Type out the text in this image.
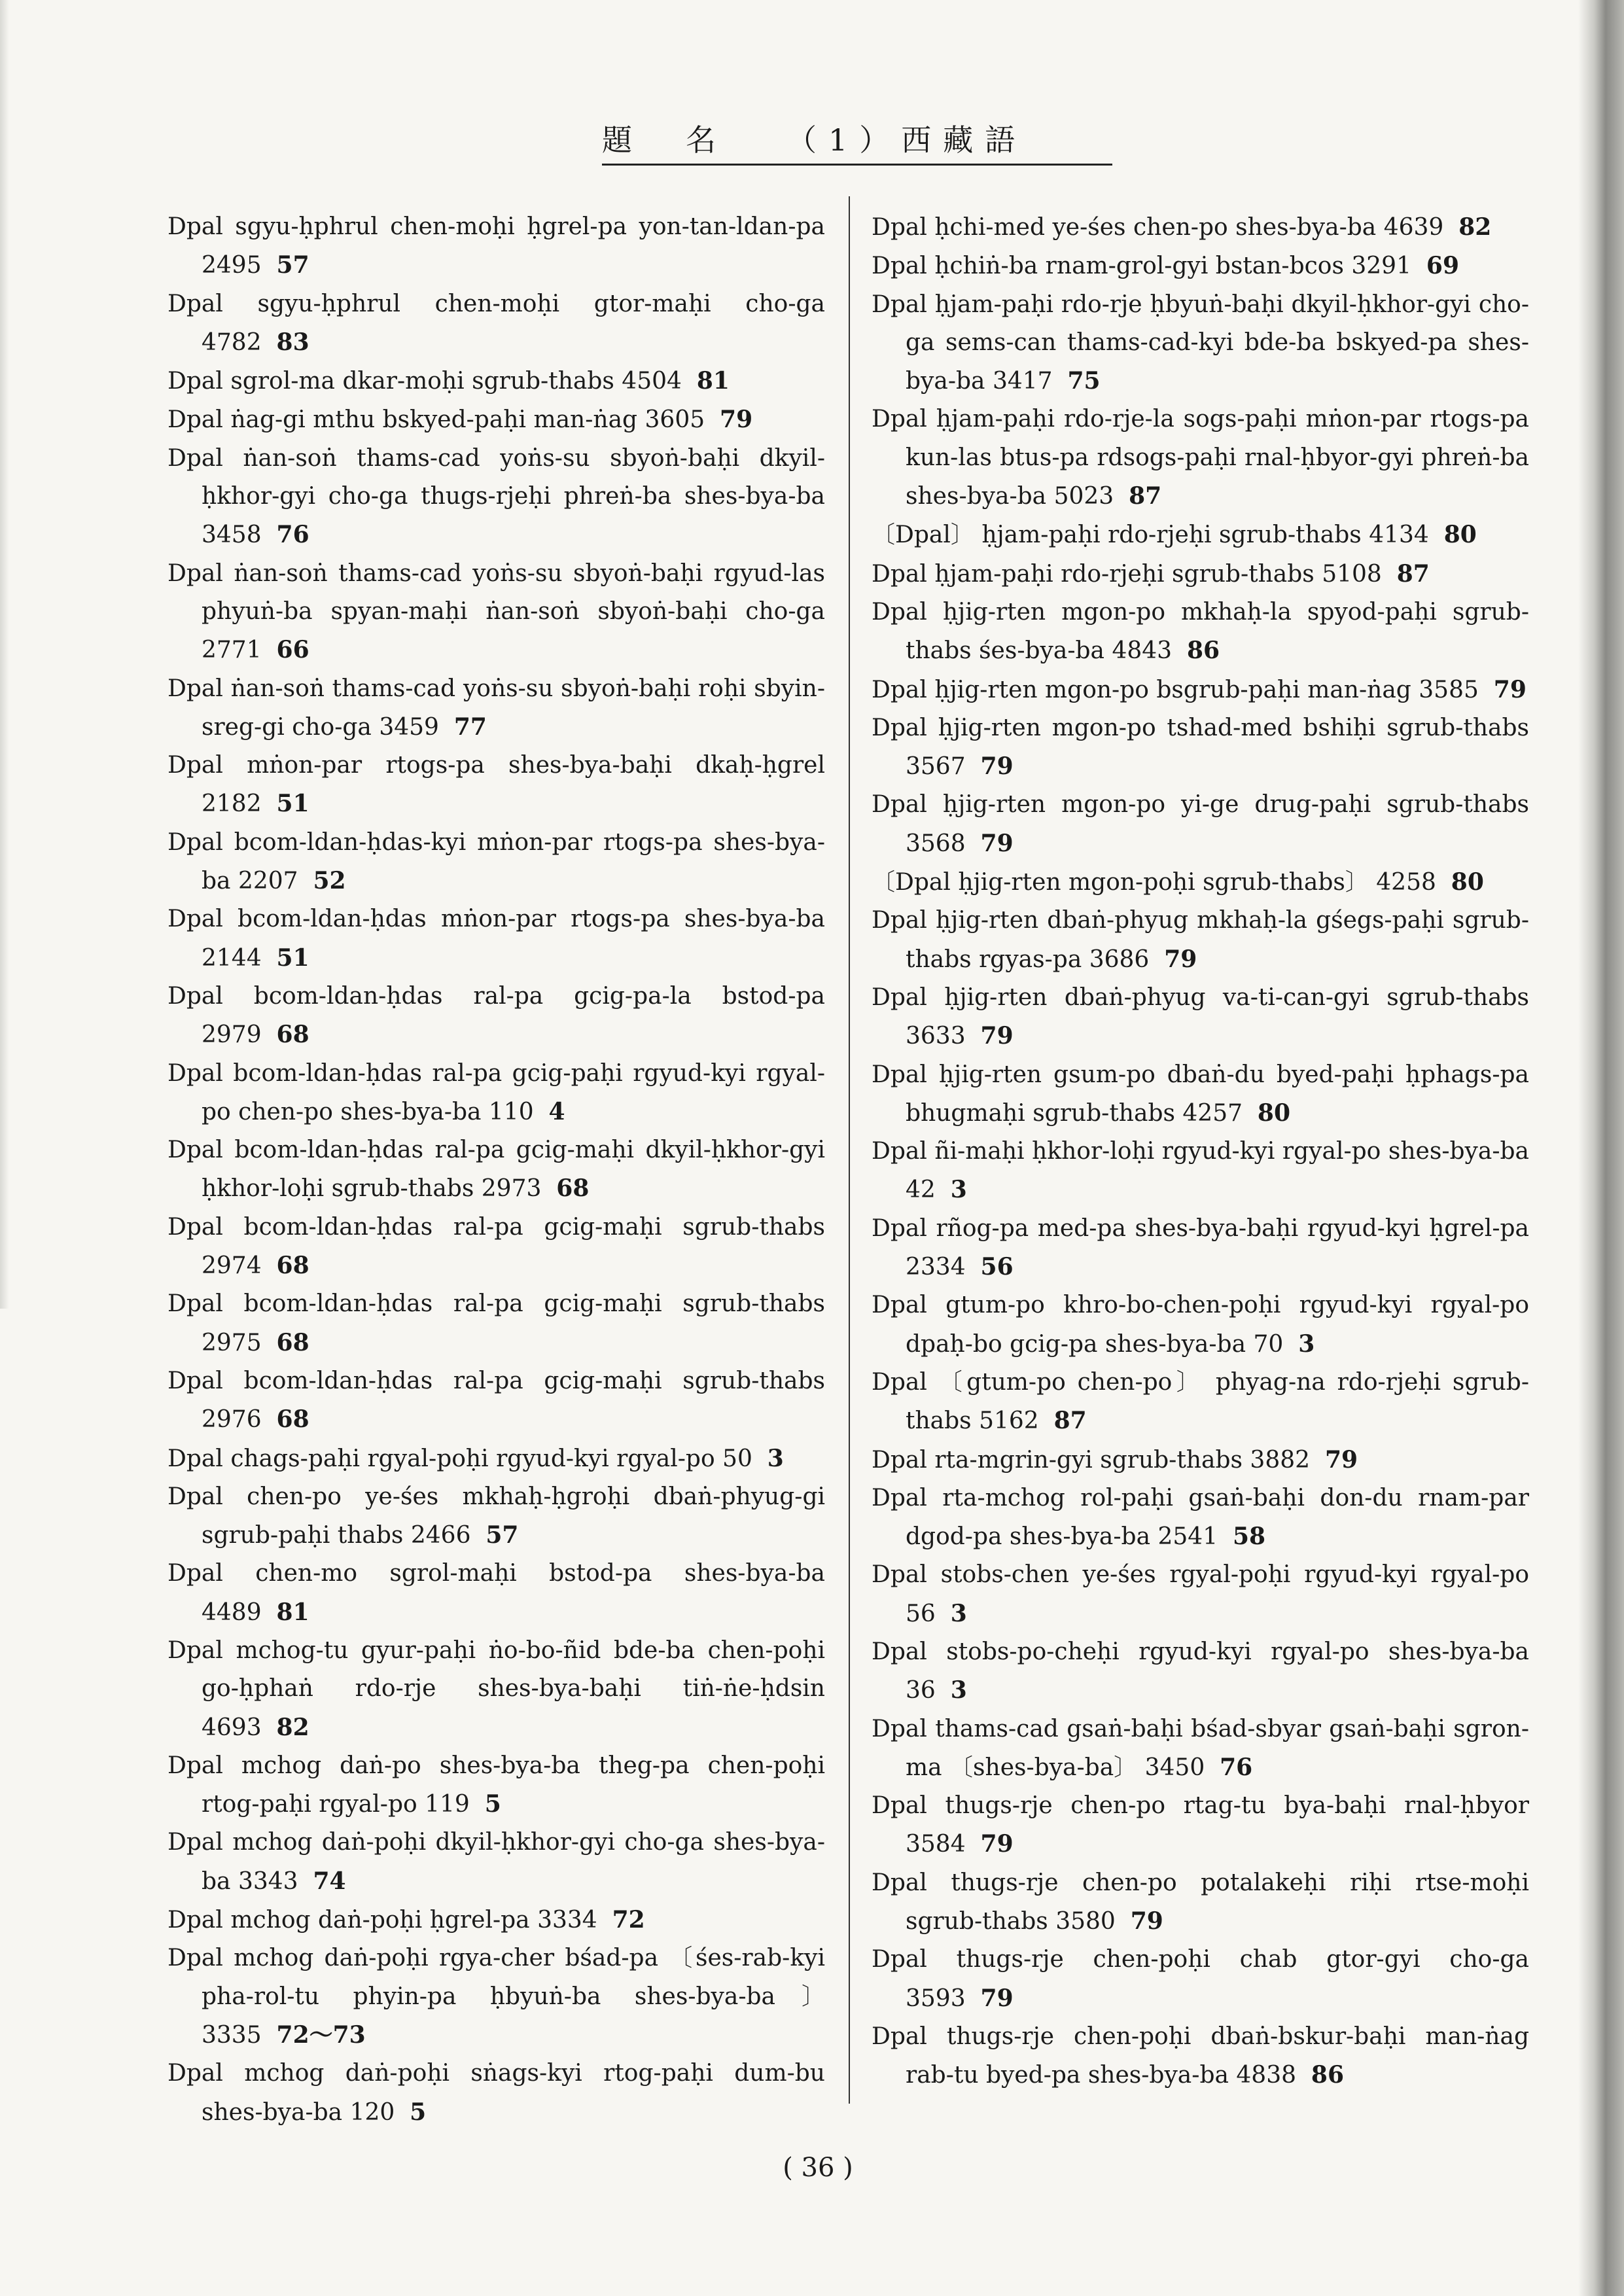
題　名 （1）西藏語

Dpal sgyu-ḥphrul chen-moḥi ḥgrel-pa yon-tan-ldan-pa 2495 57

Dpal sgyu-ḥphrul chen-moḥi gtor-maḥi cho-ga 4782 83

Dpal sgrol-ma dkar-moḥi sgrub-thabs 4504 81

Dpal ṅag-gi mthu bskyed-paḥi man-ṅag 3605 79

Dpal ṅan-soṅ thams-cad yoṅs-su sbyoṅ-baḥi dkyil-ḥkhor-gyi cho-ga thugs-rjeḥi phreṅ-ba shes-bya-ba 3458 76

Dpal ṅan-soṅ thams-cad yoṅs-su sbyoṅ-baḥi rgyud-las phyuṅ-ba spyan-maḥi ṅan-soṅ sbyoṅ-baḥi cho-ga 2771 66

Dpal ṅan-soṅ thams-cad yoṅs-su sbyoṅ-baḥi roḥi sbyin-sreg-gi cho-ga 3459 77

Dpal mṅon-par rtogs-pa shes-bya-baḥi dkaḥ-ḥgrel 2182 51

Dpal bcom-ldan-ḥdas-kyi mṅon-par rtogs-pa shes-bya-ba 2207 52

Dpal bcom-ldan-ḥdas mṅon-par rtogs-pa shes-bya-ba 2144 51

Dpal bcom-ldan-ḥdas ral-pa gcig-pa-la bstod-pa 2979 68

Dpal bcom-ldan-ḥdas ral-pa gcig-paḥi rgyud-kyi rgyal-po chen-po shes-bya-ba 110 4

Dpal bcom-ldan-ḥdas ral-pa gcig-maḥi dkyil-ḥkhor-gyi ḥkhor-loḥi sgrub-thabs 2973 68

Dpal bcom-ldan-ḥdas ral-pa gcig-maḥi sgrub-thabs 2974 68

Dpal bcom-ldan-ḥdas ral-pa gcig-maḥi sgrub-thabs 2975 68

Dpal bcom-ldan-ḥdas ral-pa gcig-maḥi sgrub-thabs 2976 68

Dpal chags-paḥi rgyal-poḥi rgyud-kyi rgyal-po 50 3

Dpal chen-po ye-śes mkhaḥ-ḥgroḥi dbaṅ-phyug-gi sgrub-paḥi thabs 2466 57

Dpal chen-mo sgrol-maḥi bstod-pa shes-bya-ba 4489 81

Dpal mchog-tu gyur-paḥi ṅo-bo-ñid bde-ba chen-poḥi go-ḥphaṅ rdo-rje shes-bya-baḥi tiṅ-ṅe-ḥdsin 4693 82

Dpal mchog daṅ-po shes-bya-ba theg-pa chen-poḥi rtog-paḥi rgyal-po 119 5

Dpal mchog daṅ-poḥi dkyil-ḥkhor-gyi cho-ga shes-bya-ba 3343 74

Dpal mchog daṅ-poḥi ḥgrel-pa 3334 72

Dpal mchog daṅ-poḥi rgya-cher bśad-pa 〔śes-rab-kyi pha-rol-tu phyin-pa ḥbyuṅ-ba shes-bya-ba〕 3335 72～73

Dpal mchog daṅ-poḥi sṅags-kyi rtog-paḥi dum-bu shes-bya-ba 120 5

Dpal ḥchi-med ye-śes chen-po shes-bya-ba 4639 82

Dpal ḥchiṅ-ba rnam-grol-gyi bstan-bcos 3291 69

Dpal ḥjam-paḥi rdo-rje ḥbyuṅ-baḥi dkyil-ḥkhor-gyi cho-ga sems-can thams-cad-kyi bde-ba bskyed-pa shes-bya-ba 3417 75

Dpal ḥjam-paḥi rdo-rje-la sogs-paḥi mṅon-par rtogs-pa kun-las btus-pa rdsogs-paḥi rnal-ḥbyor-gyi phreṅ-ba shes-bya-ba 5023 87

〔Dpal〕 ḥjam-paḥi rdo-rjeḥi sgrub-thabs 4134 80

Dpal ḥjam-paḥi rdo-rjeḥi sgrub-thabs 5108 87

Dpal ḥjig-rten mgon-po mkhaḥ-la spyod-paḥi sgrub-thabs śes-bya-ba 4843 86

Dpal ḥjig-rten mgon-po bsgrub-paḥi man-ṅag 3585 79

Dpal ḥjig-rten mgon-po tshad-med bshiḥi sgrub-thabs 3567 79

Dpal ḥjig-rten mgon-po yi-ge drug-paḥi sgrub-thabs 3568 79

〔Dpal ḥjig-rten mgon-poḥi sgrub-thabs〕 4258 80

Dpal ḥjig-rten dbaṅ-phyug mkhaḥ-la gśegs-paḥi sgrub-thabs rgyas-pa 3686 79

Dpal ḥjig-rten dbaṅ-phyug va-ti-can-gyi sgrub-thabs 3633 79

Dpal ḥjig-rten gsum-po dbaṅ-du byed-paḥi ḥphags-pa bhugmaḥi sgrub-thabs 4257 80

Dpal ñi-maḥi ḥkhor-loḥi rgyud-kyi rgyal-po shes-bya-ba 42 3

Dpal rñog-pa med-pa shes-bya-baḥi rgyud-kyi ḥgrel-pa 2334 56

Dpal gtum-po khro-bo-chen-poḥi rgyud-kyi rgyal-po dpaḥ-bo gcig-pa shes-bya-ba 70 3

Dpal 〔gtum-po chen-po〕 phyag-na rdo-rjeḥi sgrub-thabs 5162 87

Dpal rta-mgrin-gyi sgrub-thabs 3882 79

Dpal rta-mchog rol-paḥi gsaṅ-baḥi don-du rnam-par dgod-pa shes-bya-ba 2541 58

Dpal stobs-chen ye-śes rgyal-poḥi rgyud-kyi rgyal-po 56 3

Dpal stobs-po-cheḥi rgyud-kyi rgyal-po shes-bya-ba 36 3

Dpal thams-cad gsaṅ-baḥi bśad-sbyar gsaṅ-baḥi sgron-ma 〔shes-bya-ba〕 3450 76

Dpal thugs-rje chen-po rtag-tu bya-baḥi rnal-ḥbyor 3584 79

Dpal thugs-rje chen-po potalakeḥi riḥi rtse-moḥi sgrub-thabs 3580 79

Dpal thugs-rje chen-poḥi chab gtor-gyi cho-ga 3593 79

Dpal thugs-rje chen-poḥi dbaṅ-bskur-baḥi man-ṅag rab-tu byed-pa shes-bya-ba 4838 86

( 36 )
